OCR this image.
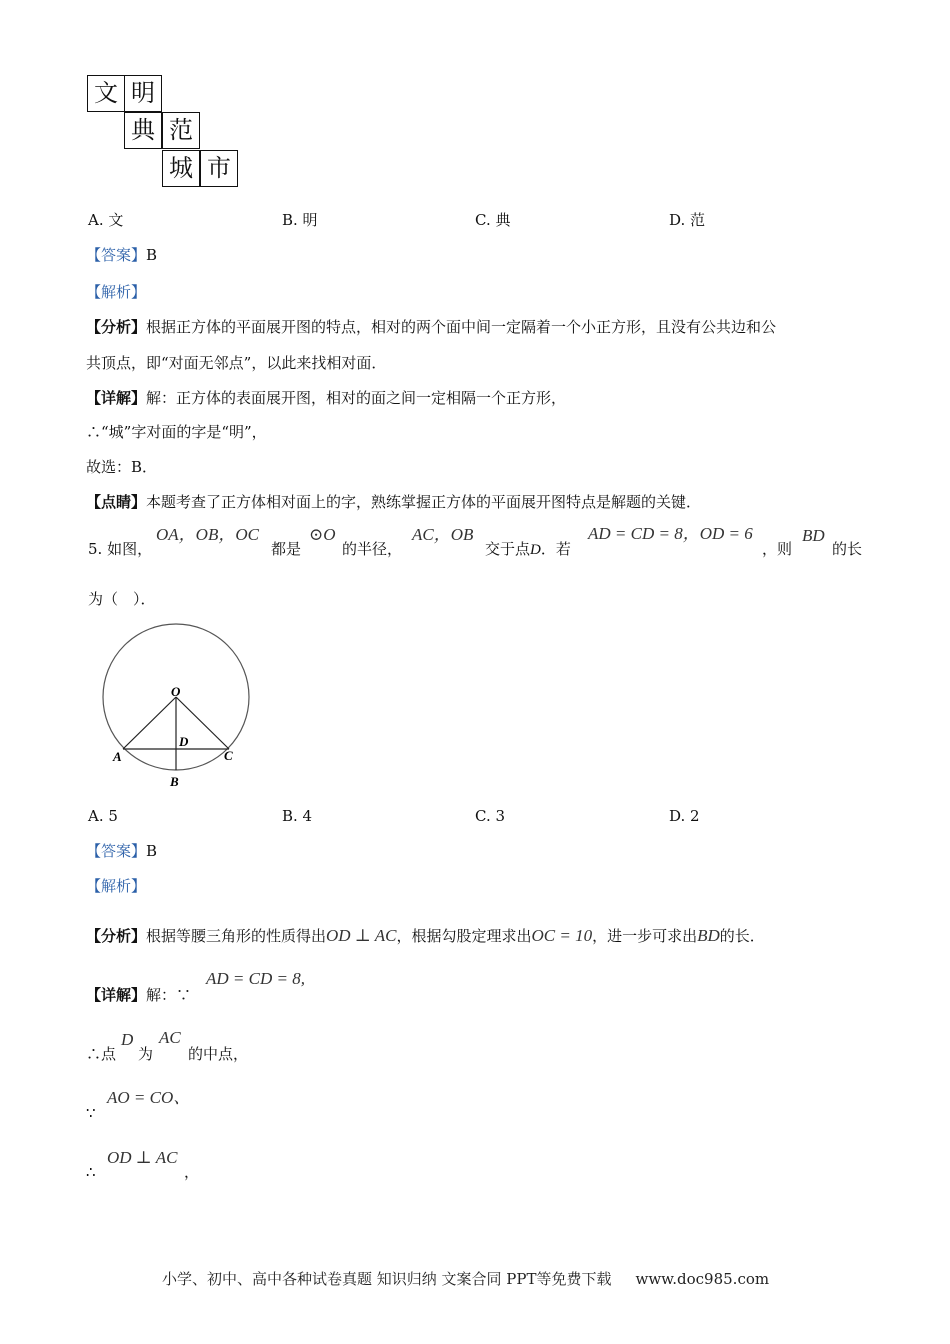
文 明
典 范
城 市
A. 文	B. 明	C. 典	D. 范
【答案】B
【解析】
【分析】根据正方体的平面展开图的特点，相对的两个面中间一定隔着一个小正方形，且没有公共边和公
共顶点，即“对面无邻点”，以此来找相对面．
【详解】解：正方体的表面展开图，相对的面之间一定相隔一个正方形，
∴“城”字对面的字是“明”，
故选：B．
【点睛】本题考查了正方体相对面上的字，熟练掌握正方体的平面展开图特点是解题的关键．
5. 如图，
OA，OB，OC
都是
⊙O
的半径，
AC，OB
交于点D．若
AD = CD = 8，OD = 6
，则
BD
的长
为（　）．
O
A	C
D
B
A. 5	B. 4	C. 3	D. 2
【答案】B
【解析】
【分析】根据等腰三角形的性质得出OD ⊥ AC，根据勾股定理求出OC = 10，进一步可求出BD的长．
【详解】解：∵
AD = CD = 8,
∴点
D
为
AC
的中点，
∵
AO = CO、
∴
OD ⊥ AC
，
小学、初中、高中各种试卷真题 知识归纳 文案合同 PPT等免费下载 www.doc985.com
